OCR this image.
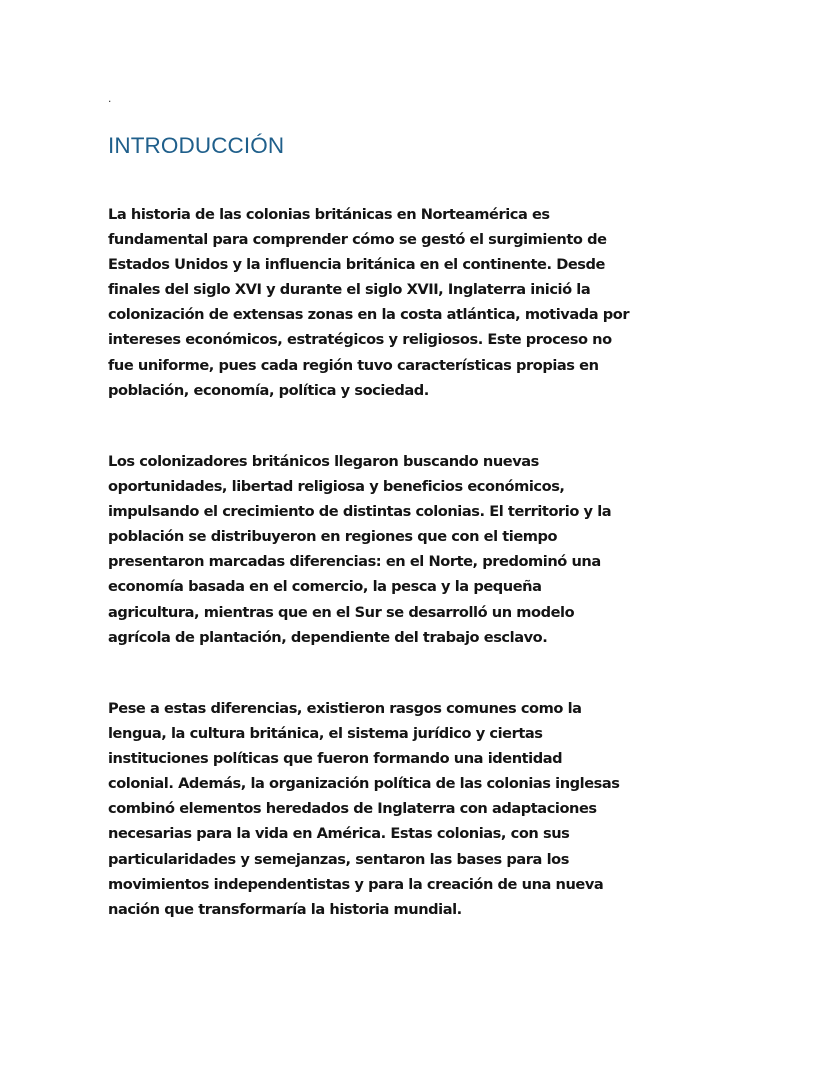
.
INTRODUCCIÓN

La historia de las colonias británicas en Norteamérica es
fundamental para comprender cómo se gestó el surgimiento de
Estados Unidos y la influencia británica en el continente. Desde
finales del siglo XVI y durante el siglo XVII, Inglaterra inició la
colonización de extensas zonas en la costa atlántica, motivada por
intereses económicos, estratégicos y religiosos. Este proceso no
fue uniforme, pues cada región tuvo características propias en
población, economía, política y sociedad.

Los colonizadores británicos llegaron buscando nuevas
oportunidades, libertad religiosa y beneficios económicos,
impulsando el crecimiento de distintas colonias. El territorio y la
población se distribuyeron en regiones que con el tiempo
presentaron marcadas diferencias: en el Norte, predominó una
economía basada en el comercio, la pesca y la pequeña
agricultura, mientras que en el Sur se desarrolló un modelo
agrícola de plantación, dependiente del trabajo esclavo.

Pese a estas diferencias, existieron rasgos comunes como la
lengua, la cultura británica, el sistema jurídico y ciertas
instituciones políticas que fueron formando una identidad
colonial. Además, la organización política de las colonias inglesas
combinó elementos heredados de Inglaterra con adaptaciones
necesarias para la vida en América. Estas colonias, con sus
particularidades y semejanzas, sentaron las bases para los
movimientos independentistas y para la creación de una nueva
nación que transformaría la historia mundial.
